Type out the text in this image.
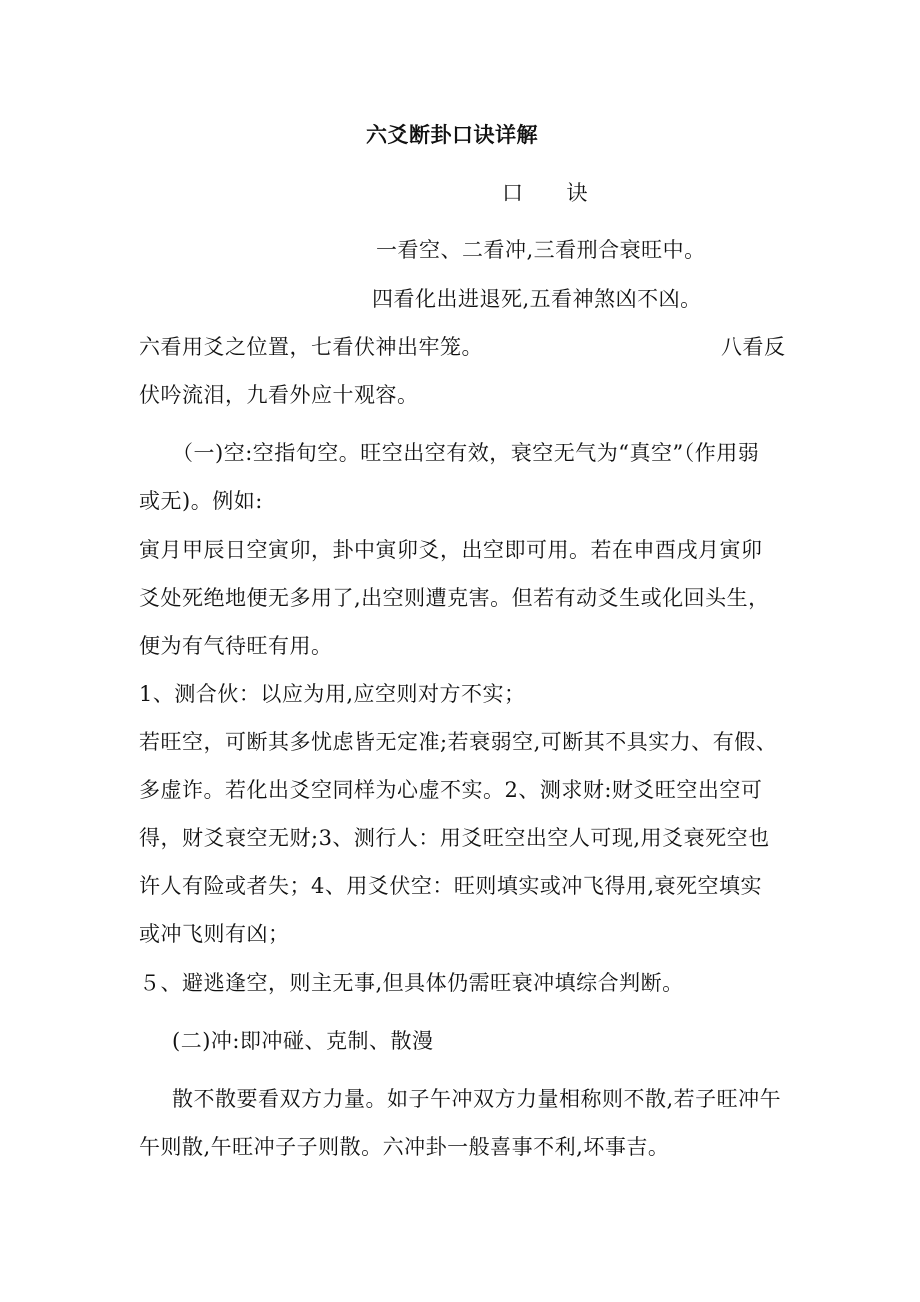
六爻断卦口诀详解
口　　诀
一看空、二看冲,三看刑合衰旺中。
四看化出进退死,五看神煞凶不凶。
六看用爻之位置，七看伏神出牢笼。	八看反
伏吟流泪，九看外应十观容。
（一)空:空指旬空。旺空出空有效，衰空无气为“真空”（作用弱
或无)。例如:
寅月甲辰日空寅卯，卦中寅卯爻，出空即可用。若在申酉戌月寅卯
爻处死绝地便无多用了,出空则遭克害。但若有动爻生或化回头生，
便为有气待旺有用。
1、测合伙：以应为用,应空则对方不实；
若旺空，可断其多忧虑皆无定准;若衰弱空,可断其不具实力、有假、
多虚诈。若化出爻空同样为心虚不实。2、测求财:财爻旺空出空可
得，财爻衰空无财;3、测行人：用爻旺空出空人可现,用爻衰死空也
许人有险或者失；4、用爻伏空：旺则填实或冲飞得用,衰死空填实
或冲飞则有凶；
５、避逃逢空，则主无事,但具体仍需旺衰冲填综合判断。
(二)冲:即冲碰、克制、散漫
散不散要看双方力量。如子午冲双方力量相称则不散,若子旺冲午
午则散,午旺冲子子则散。六冲卦一般喜事不利,坏事吉。
